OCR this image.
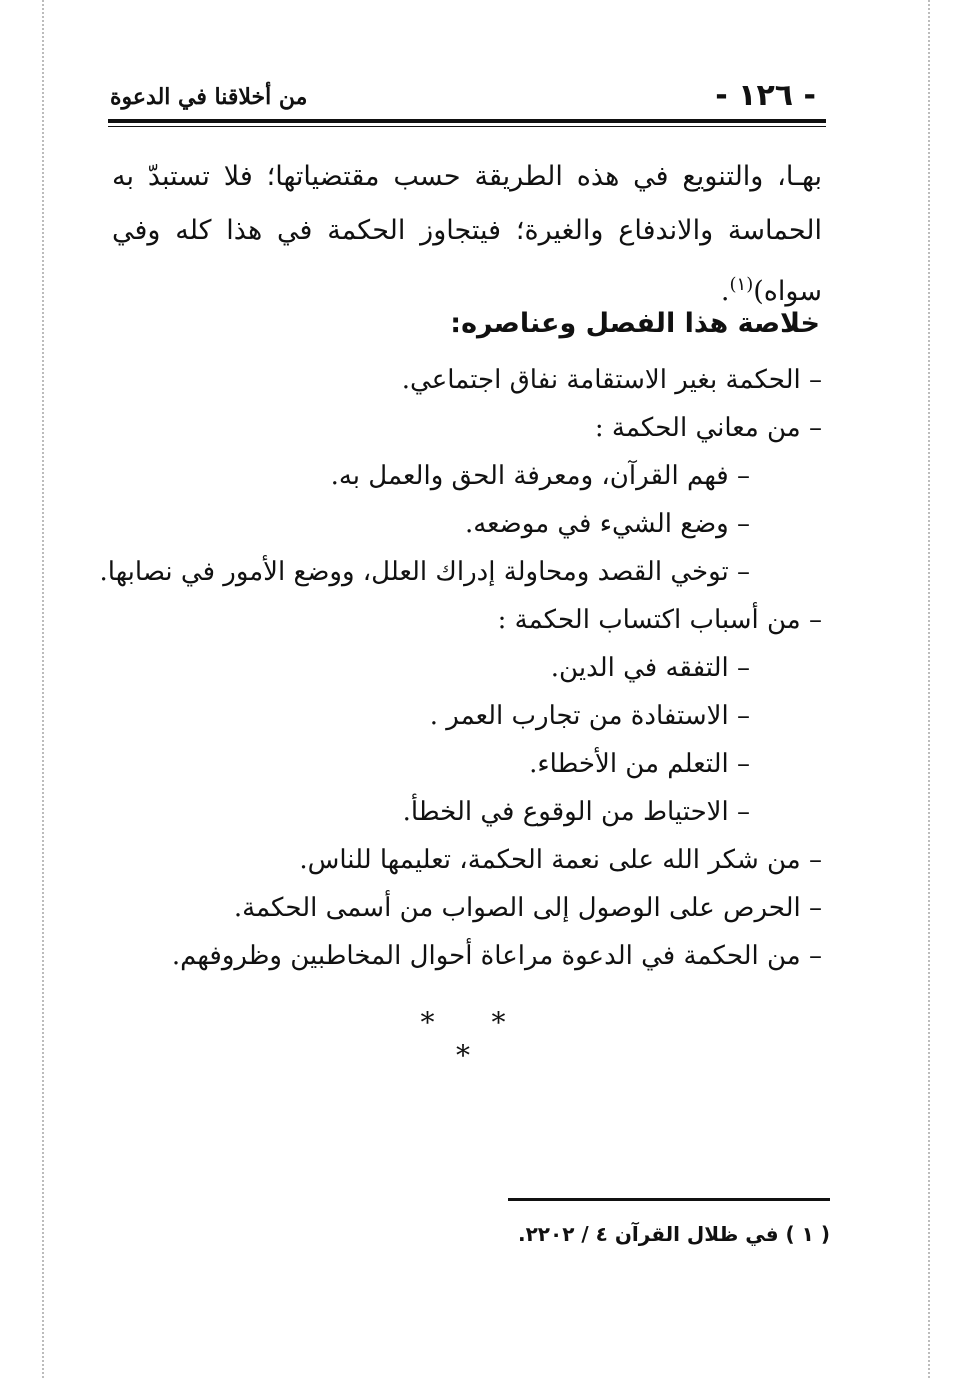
- ١٢٦ -
من أخلاقنا في الدعوة

بهـا، والتنويع في هذه الطريقة حسب مقتضياتها؛ فلا تستبدّ به الحماسة والاندفاع والغيرة؛ فيتجاوز الحكمة في هذا كله وفي سواه)$^{(١)}$.

خلاصة هذا الفصل وعناصره:
– الحكمة بغير الاستقامة نفاق اجتماعي.
– من معاني الحكمة :
– فهم القرآن، ومعرفة الحق والعمل به.
– وضع الشيء في موضعه.
– توخي القصد ومحاولة إدراك العلل، ووضع الأمور في نصابها.
– من أسباب اكتساب الحكمة :
– التفقه في الدين.
– الاستفادة من تجارب العمر .
– التعلم من الأخطاء.
– الاحتياط من الوقوع في الخطأ.
– من شكر الله على نعمة الحكمة، تعليمها للناس.
– الحرص على الوصول إلى الصواب من أسمى الحكمة.
– من الحكمة في الدعوة مراعاة أحوال المخاطبين وظروفهم.
* * *
( ١ ) في ظلال القرآن ٤ / ٢٢٠٢.
